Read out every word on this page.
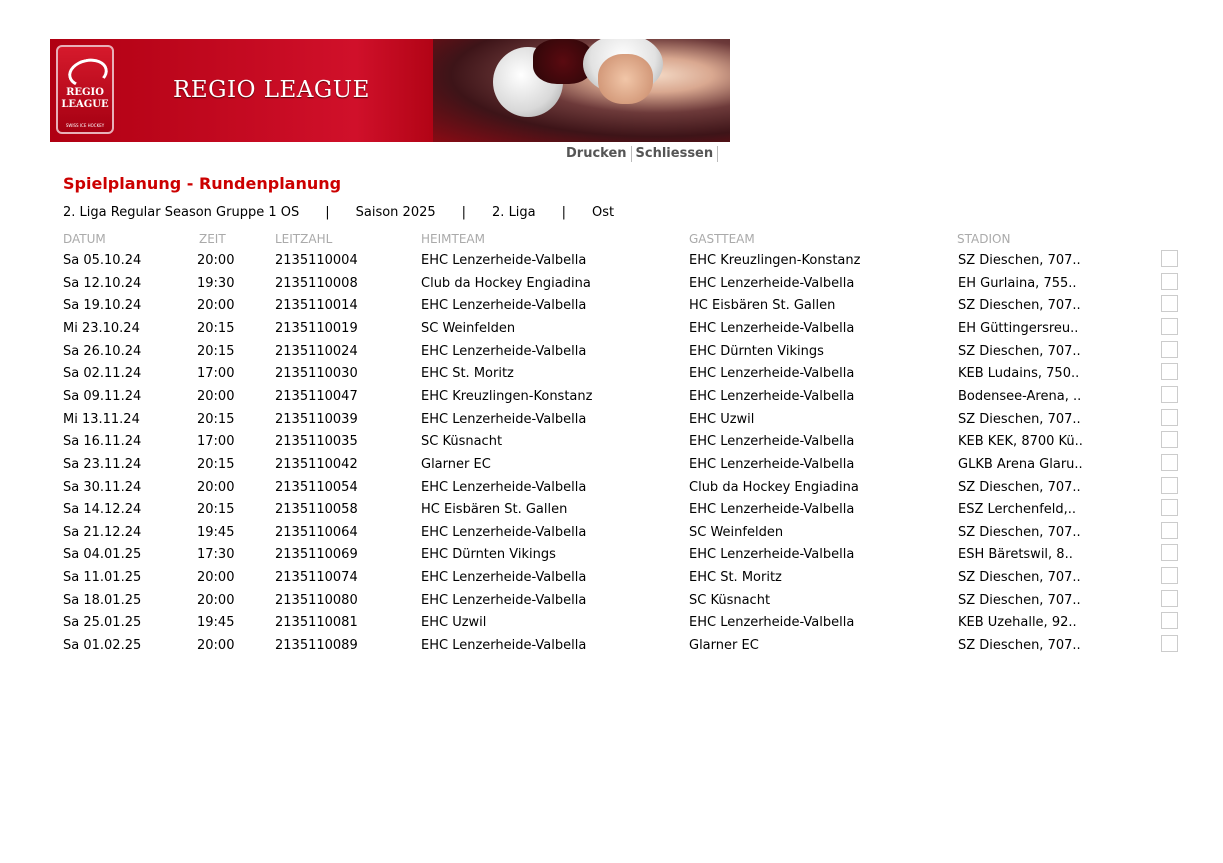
REGIO
LEAGUE
SWISS ICE HOCKEY
REGIO LEAGUE
Drucken Schliessen
Spielplanung - Rundenplanung
2. Liga Regular Season Gruppe 1 OS	|	Saison 2025	|	2. Liga	|	Ost
DATUM	ZEIT	LEITZAHL	HEIMTEAM	GASTTEAM	STADION
Sa 05.10.24	20:00	2135110004	EHC Lenzerheide-Valbella	EHC Kreuzlingen-Konstanz	SZ Dieschen, 707..
Sa 12.10.24	19:30	2135110008	Club da Hockey Engiadina	EHC Lenzerheide-Valbella	EH Gurlaina, 755..
Sa 19.10.24	20:00	2135110014	EHC Lenzerheide-Valbella	HC Eisbären St. Gallen	SZ Dieschen, 707..
Mi 23.10.24	20:15	2135110019	SC Weinfelden	EHC Lenzerheide-Valbella	EH Güttingersreu..
Sa 26.10.24	20:15	2135110024	EHC Lenzerheide-Valbella	EHC Dürnten Vikings	SZ Dieschen, 707..
Sa 02.11.24	17:00	2135110030	EHC St. Moritz	EHC Lenzerheide-Valbella	KEB Ludains, 750..
Sa 09.11.24	20:00	2135110047	EHC Kreuzlingen-Konstanz	EHC Lenzerheide-Valbella	Bodensee-Arena, ..
Mi 13.11.24	20:15	2135110039	EHC Lenzerheide-Valbella	EHC Uzwil	SZ Dieschen, 707..
Sa 16.11.24	17:00	2135110035	SC Küsnacht	EHC Lenzerheide-Valbella	KEB KEK, 8700 Kü..
Sa 23.11.24	20:15	2135110042	Glarner EC	EHC Lenzerheide-Valbella	GLKB Arena Glaru..
Sa 30.11.24	20:00	2135110054	EHC Lenzerheide-Valbella	Club da Hockey Engiadina	SZ Dieschen, 707..
Sa 14.12.24	20:15	2135110058	HC Eisbären St. Gallen	EHC Lenzerheide-Valbella	ESZ Lerchenfeld,..
Sa 21.12.24	19:45	2135110064	EHC Lenzerheide-Valbella	SC Weinfelden	SZ Dieschen, 707..
Sa 04.01.25	17:30	2135110069	EHC Dürnten Vikings	EHC Lenzerheide-Valbella	ESH Bäretswil, 8..
Sa 11.01.25	20:00	2135110074	EHC Lenzerheide-Valbella	EHC St. Moritz	SZ Dieschen, 707..
Sa 18.01.25	20:00	2135110080	EHC Lenzerheide-Valbella	SC Küsnacht	SZ Dieschen, 707..
Sa 25.01.25	19:45	2135110081	EHC Uzwil	EHC Lenzerheide-Valbella	KEB Uzehalle, 92..
Sa 01.02.25	20:00	2135110089	EHC Lenzerheide-Valbella	Glarner EC	SZ Dieschen, 707..
